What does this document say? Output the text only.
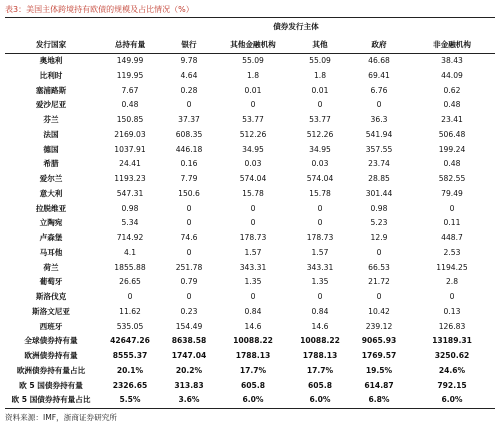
表3：美国主体跨境持有欧债的规模及占比情况（%）
	债券发行主体					
发行国家	总持有量	银行	其他金融机构	其他	政府	非金融机构
奥地利	149.99	9.78	55.09	55.09	46.68	38.43
比利时	119.95	4.64	1.8	1.8	69.41	44.09
塞浦路斯	7.67	0.28	0.01	0.01	6.76	0.62
爱沙尼亚	0.48	0	0	0	0	0.48
芬兰	150.85	37.37	53.77	53.77	36.3	23.41
法国	2169.03	608.35	512.26	512.26	541.94	506.48
德国	1037.91	446.18	34.95	34.95	357.55	199.24
希腊	24.41	0.16	0.03	0.03	23.74	0.48
爱尔兰	1193.23	7.79	574.04	574.04	28.85	582.55
意大利	547.31	150.6	15.78	15.78	301.44	79.49
拉脱维亚	0.98	0	0	0	0.98	0
立陶宛	5.34	0	0	0	5.23	0.11
卢森堡	714.92	74.6	178.73	178.73	12.9	448.7
马耳他	4.1	0	1.57	1.57	0	2.53
荷兰	1855.88	251.78	343.31	343.31	66.53	1194.25
葡萄牙	26.65	0.79	1.35	1.35	21.72	2.8
斯洛伐克	0	0	0	0	0	0
斯洛文尼亚	11.62	0.23	0.84	0.84	10.42	0.13
西班牙	535.05	154.49	14.6	14.6	239.12	126.83
全球债券持有量	42647.26	8638.58	10088.22	10088.22	9065.93	13189.31
欧洲债券持有量	8555.37	1747.04	1788.13	1788.13	1769.57	3250.62
欧洲债券持有量占比	20.1%	20.2%	17.7%	17.7%	19.5%	24.6%
欧 5 国债券持有量	2326.65	313.83	605.8	605.8	614.87	792.15
欧 5 国债券持有量占比	5.5%	3.6%	6.0%	6.0%	6.8%	6.0%
资料来源：IMF，浙商证券研究所
